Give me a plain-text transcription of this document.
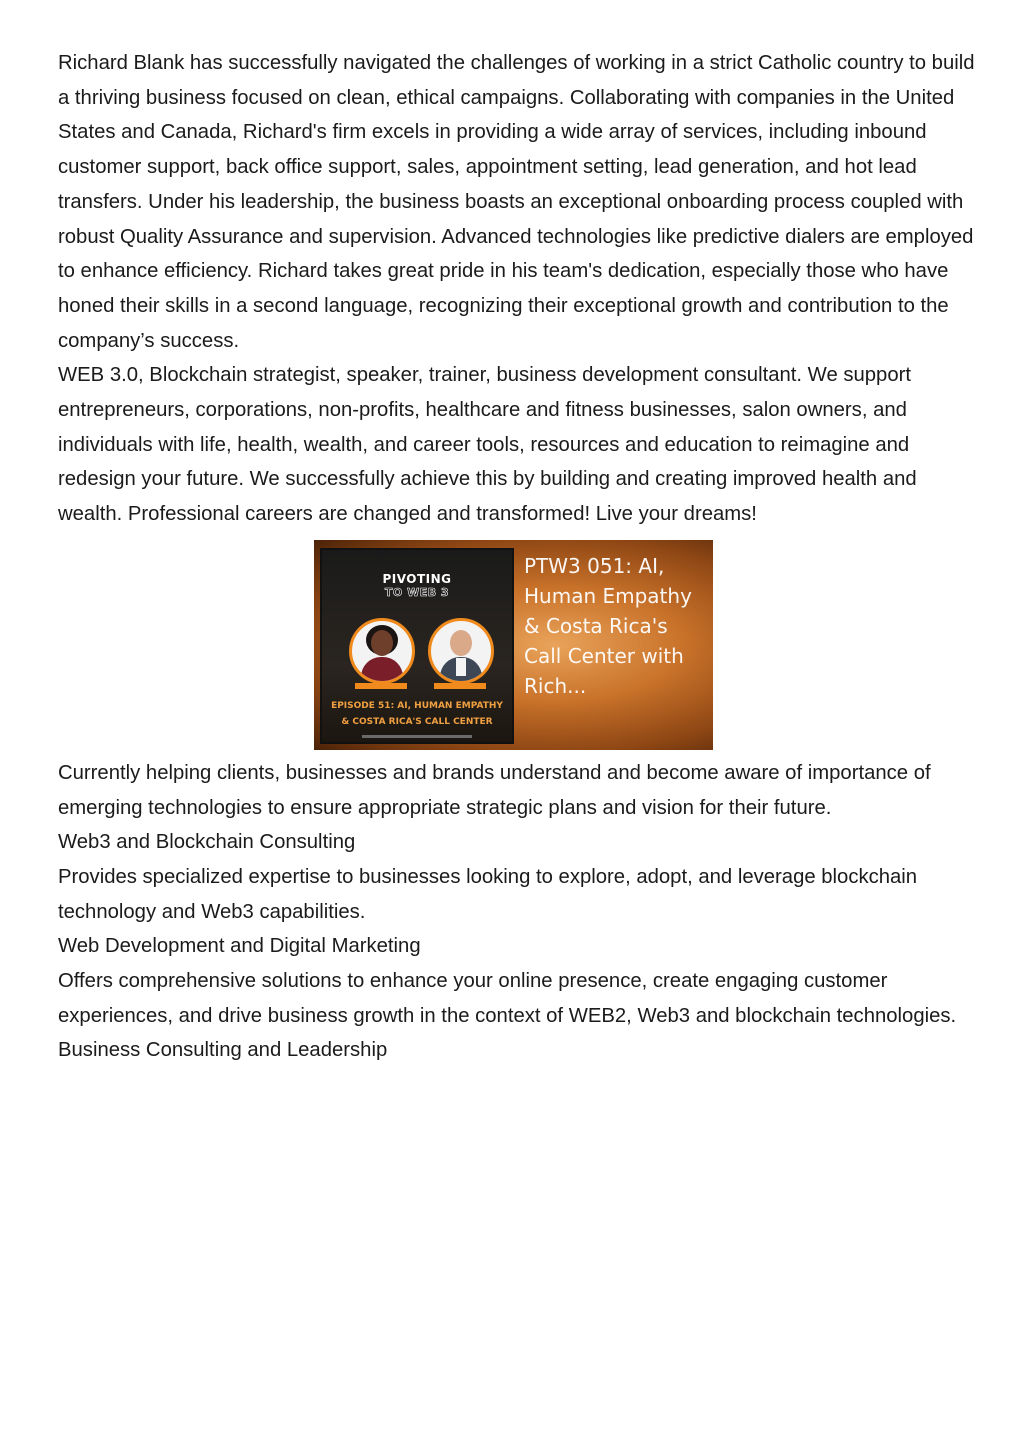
Richard Blank has successfully navigated the challenges of working in a strict Catholic country to build a thriving business focused on clean, ethical campaigns. Collaborating with companies in the United States and Canada, Richard's firm excels in providing a wide array of services, including inbound customer support, back office support, sales, appointment setting, lead generation, and hot lead transfers. Under his leadership, the business boasts an exceptional onboarding process coupled with robust Quality Assurance and supervision. Advanced technologies like predictive dialers are employed to enhance efficiency. Richard takes great pride in his team's dedication, especially those who have honed their skills in a second language, recognizing their exceptional growth and contribution to the company’s success.

WEB 3.0, Blockchain strategist, speaker, trainer, business development consultant. We support entrepreneurs, corporations, non-profits, healthcare and fitness businesses, salon owners, and individuals with life, health, wealth, and career tools, resources and education to reimagine and redesign your future. We successfully achieve this by building and creating improved health and wealth. Professional careers are changed and transformed! Live your dreams!

PIVOTING
TO WEB 3
EPISODE 51: AI, HUMAN EMPATHY
& COSTA RICA'S CALL CENTER
PTW3 051: AI, Human Empathy & Costa Rica's Call Center with Rich...

Currently helping clients, businesses and brands understand and become aware of importance of emerging technologies to ensure appropriate strategic plans and vision for their future.

Web3 and Blockchain Consulting

Provides specialized expertise to businesses looking to explore, adopt, and leverage blockchain technology and Web3 capabilities.

Web Development and Digital Marketing

Offers comprehensive solutions to enhance your online presence, create engaging customer experiences, and drive business growth in the context of WEB2, Web3 and blockchain technologies.

Business Consulting and Leadership
